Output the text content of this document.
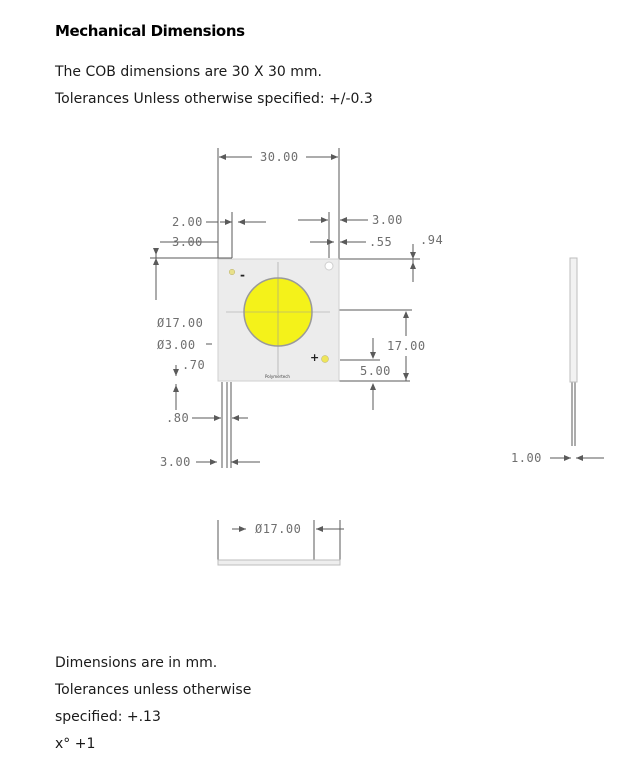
Mechanical Dimensions
The COB dimensions are 30 X 30 mm.
Tolerances Unless otherwise specified: +/-0.3
-
+
Polymertech
30.00
2.00
3.00
3.00
.55 .94
Ø17.00
Ø3.00
.70
17.00
5.00
.80
3.00	1.00
Ø17.00
Dimensions are in mm.
Tolerances unless otherwise
specified: +.13
x° +1
